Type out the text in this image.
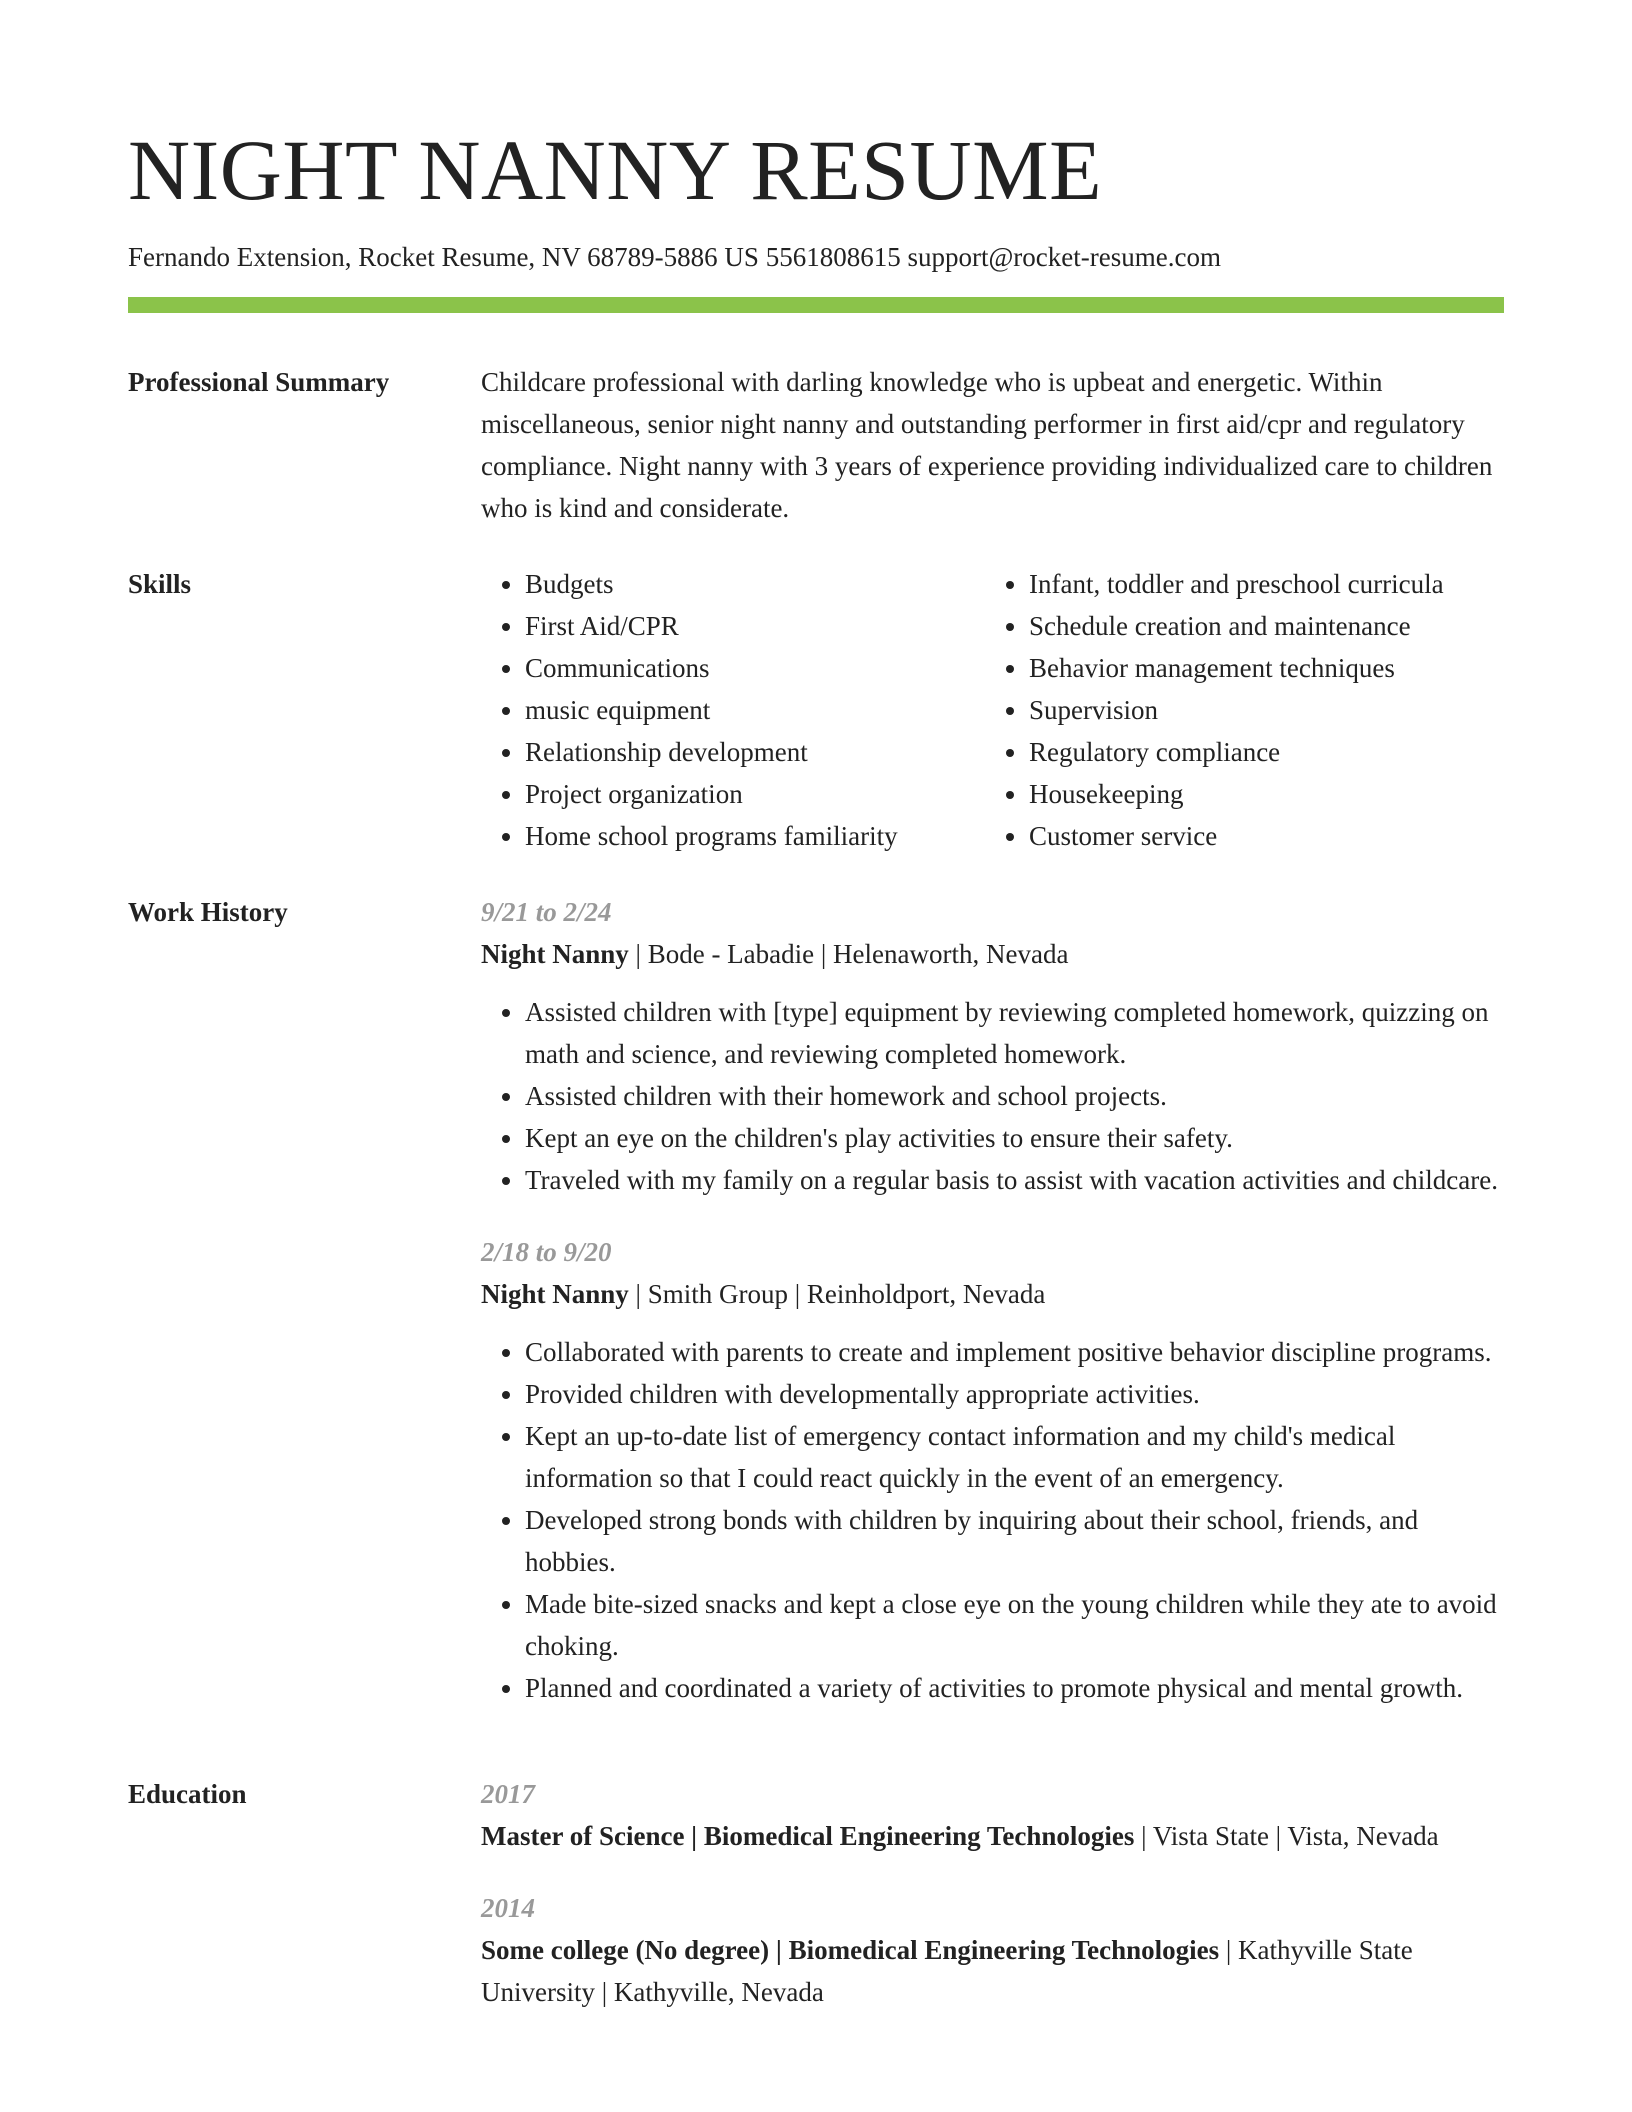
NIGHT NANNY RESUME
Fernando Extension, Rocket Resume, NV 68789-5886 US 5561808615 support@rocket-resume.com
Professional Summary	Childcare professional with darling knowledge who is upbeat and energetic. Within miscellaneous, senior night nanny and outstanding performer in first aid/cpr and regulatory compliance. Night nanny with 3 years of experience providing individualized care to children who is kind and considerate.

Skills
•	Budgets
• First Aid/CPR
• Communications
• music equipment
• Relationship development
• Project organization
• Home school programs familiarity
• Infant, toddler and preschool curricula
• Schedule creation and maintenance
• Behavior management techniques
• Supervision
• Regulatory compliance
• Housekeeping
• Customer service
Work History	9/21 to 2/24
Night Nanny | Bode - Labadie | Helenaworth, Nevada
• Assisted children with [type] equipment by reviewing completed homework, quizzing on math and science, and reviewing completed homework.
• Assisted children with their homework and school projects.
• Kept an eye on the children's play activities to ensure their safety.
• Traveled with my family on a regular basis to assist with vacation activities and childcare.
2/18 to 9/20
Night Nanny | Smith Group | Reinholdport, Nevada
• Collaborated with parents to create and implement positive behavior discipline programs.
• Provided children with developmentally appropriate activities.
• Kept an up-to-date list of emergency contact information and my child's medical information so that I could react quickly in the event of an emergency.
• Developed strong bonds with children by inquiring about their school, friends, and hobbies.
• Made bite-sized snacks and kept a close eye on the young children while they ate to avoid choking.
• Planned and coordinated a variety of activities to promote physical and mental growth.
Education	2017
Master of Science | Biomedical Engineering Technologies | Vista State | Vista, Nevada
2014
Some college (No degree) | Biomedical Engineering Technologies | Kathyville State University | Kathyville, Nevada
